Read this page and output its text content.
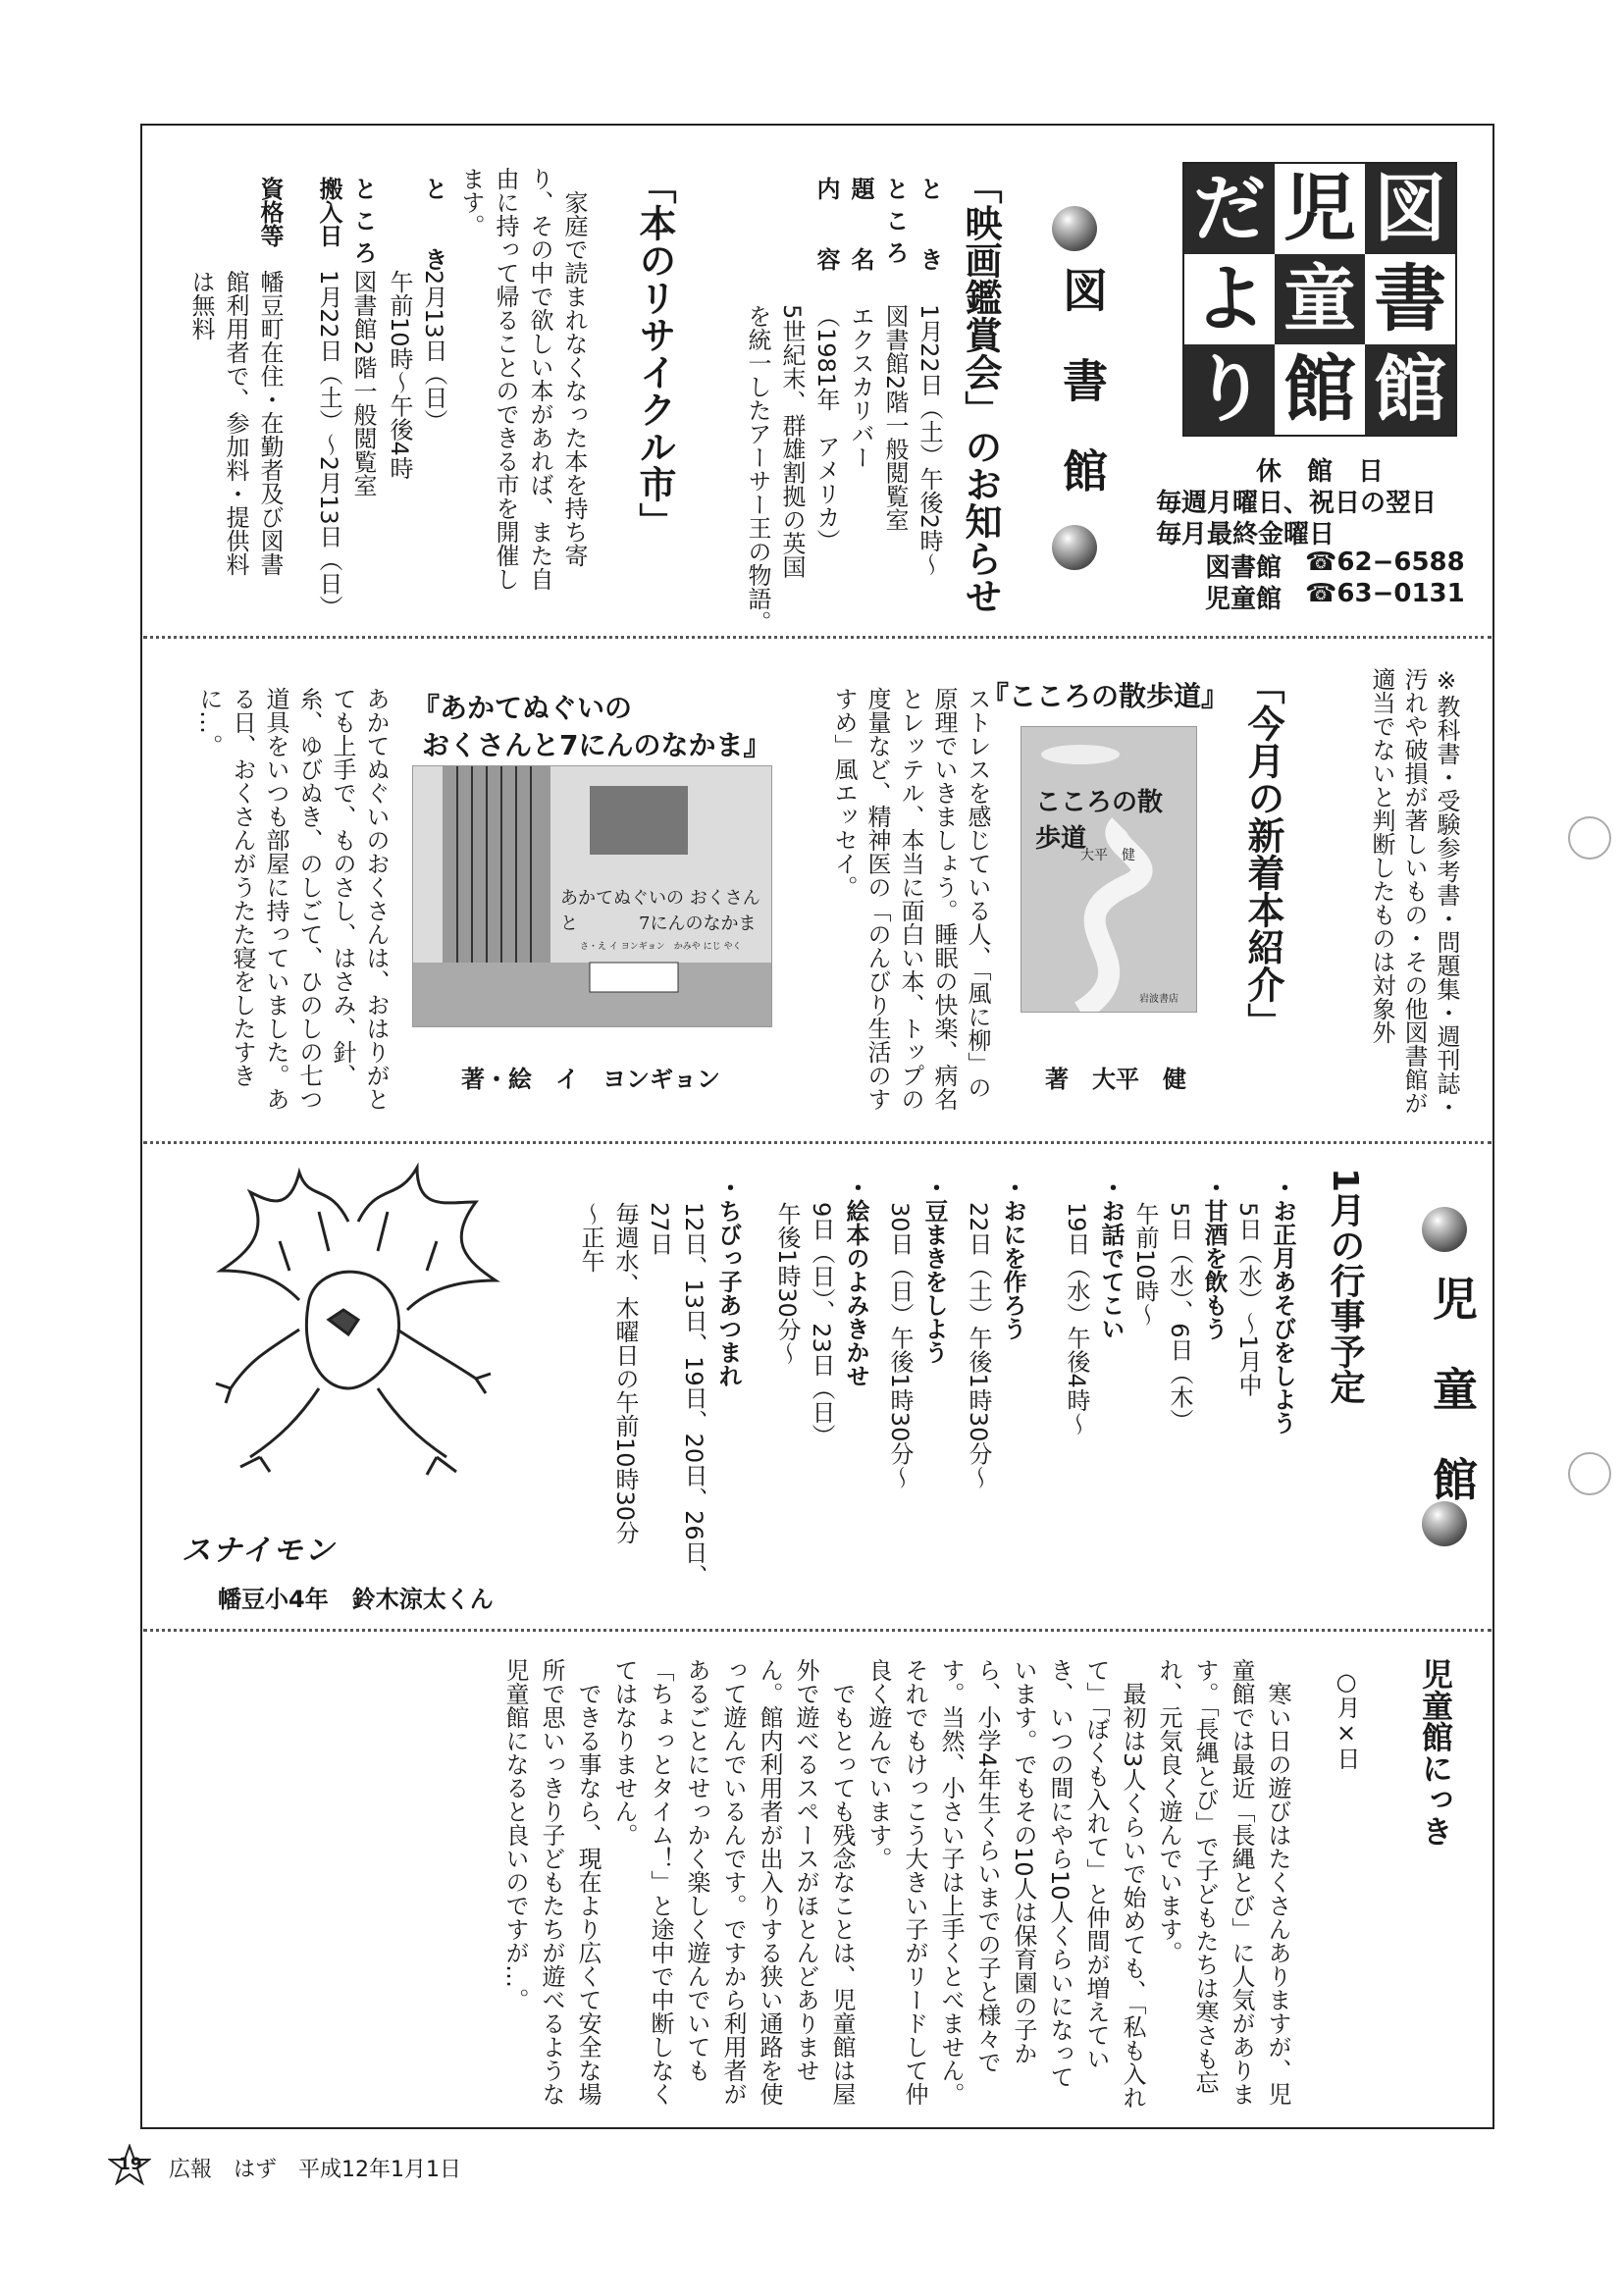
図
書
館
児
童
館
だ
よ
り
休　館　日
毎週月曜日、祝日の翌日
毎月最終金曜日
図書館 ☎62−6588
児童館 ☎63−0131
図　書　館
「映画鑑賞会」のお知らせ
と　　き
1月22日（土）午後2時〜
と こ ろ
図書館2階一般閲覧室
題　　名
エクスカリバー
内　　容
（1981年　アメリカ）
5世紀末、群雄割拠の英国
を統一したアーサー王の物語。
「本のリサイクル市」
　家庭で読まれなくなった本を持ち寄り、その中で欲しい本があれば、また自由に持って帰ることのできる市を開催します。
と　　き
2月13日（日）
午前10時〜午後4時
と こ ろ
図書館2階一般閲覧室
搬入日
1月22日（土）〜2月13日（日）
資格等
幡豆町在住・在勤者及び図書
館利用者で、参加料・提供料
は無料
※教科書・受験参考書・問題集・週刊誌・汚れや破損が著しいもの・その他図書館が適当でないと判断したものは対象外
「今月の新着本紹介」
『こころの散歩道』
こころの散歩道
大平　健
岩波書店
著　大平　健
ストレスを感じている人、「風に柳」の原理でいきましょう。睡眠の快楽、病名とレッテル、本当に面白い本、トップの度量など、精神医の「のんびり生活のすすめ」風エッセイ。
『あかてぬぐいの
おくさんと7にんのなかま』
あかてぬぐいの おくさんと	7にんのなかま
さ・え イ ヨンギョン　かみや にじ やく
著・絵　イ　ヨンギョン
あかてぬぐいのおくさんは、おはりがとても上手で、ものさし、はさみ、針、糸、ゆびぬき、のしごて、ひのしの七つ道具をいつも部屋に持っていました。ある日、おくさんがうたた寝をしたすきに…。
児　童　館
1月の行事予定
・お正月あそびをしよう
5日（水）〜1月中
・甘酒を飲もう
5日（水）、6日（木）
午前10時〜
・お話でてこい
19日（水）午後4時〜
・おにを作ろう
22日（土）午後1時30分〜
・豆まきをしよう
30日（日）午後1時30分〜
・絵本のよみきかせ
9日（日）、23日（日）
午後1時30分〜
・ちびっ子あつまれ
12日、13日、19日、20日、26日、
27日
毎週水、木曜日の午前10時30分
〜正午
スナイモン
幡豆小4年　鈴木涼太くん
児童館にっき
○月×日
　寒い日の遊びはたくさんありますが、児童館では最近「長縄とび」に人気があります。「長縄とび」で子どもたちは寒さも忘れ、元気良く遊んでいます。
　最初は3人くらいで始めても、「私も入れて」「ぼくも入れて」と仲間が増えていき、いつの間にやら10人くらいになっています。でもその10人は保育園の子から、小学4年生くらいまでの子と様々です。当然、小さい子は上手くとべません。それでもけっこう大きい子がリードして仲良く遊んでいます。
　でもとっても残念なことは、児童館は屋外で遊べるスペースがほとんどありません。館内利用者が出入りする狭い通路を使って遊んでいるんです。ですから利用者があるごとにせっかく楽しく遊んでいても「ちょっとタイム！」と途中で中断しなくてはなりません。
　できる事なら、現在より広くて安全な場所で思いっきり子どもたちが遊べるような児童館になると良いのですが…。
19 広報　はず　平成12年1月1日
